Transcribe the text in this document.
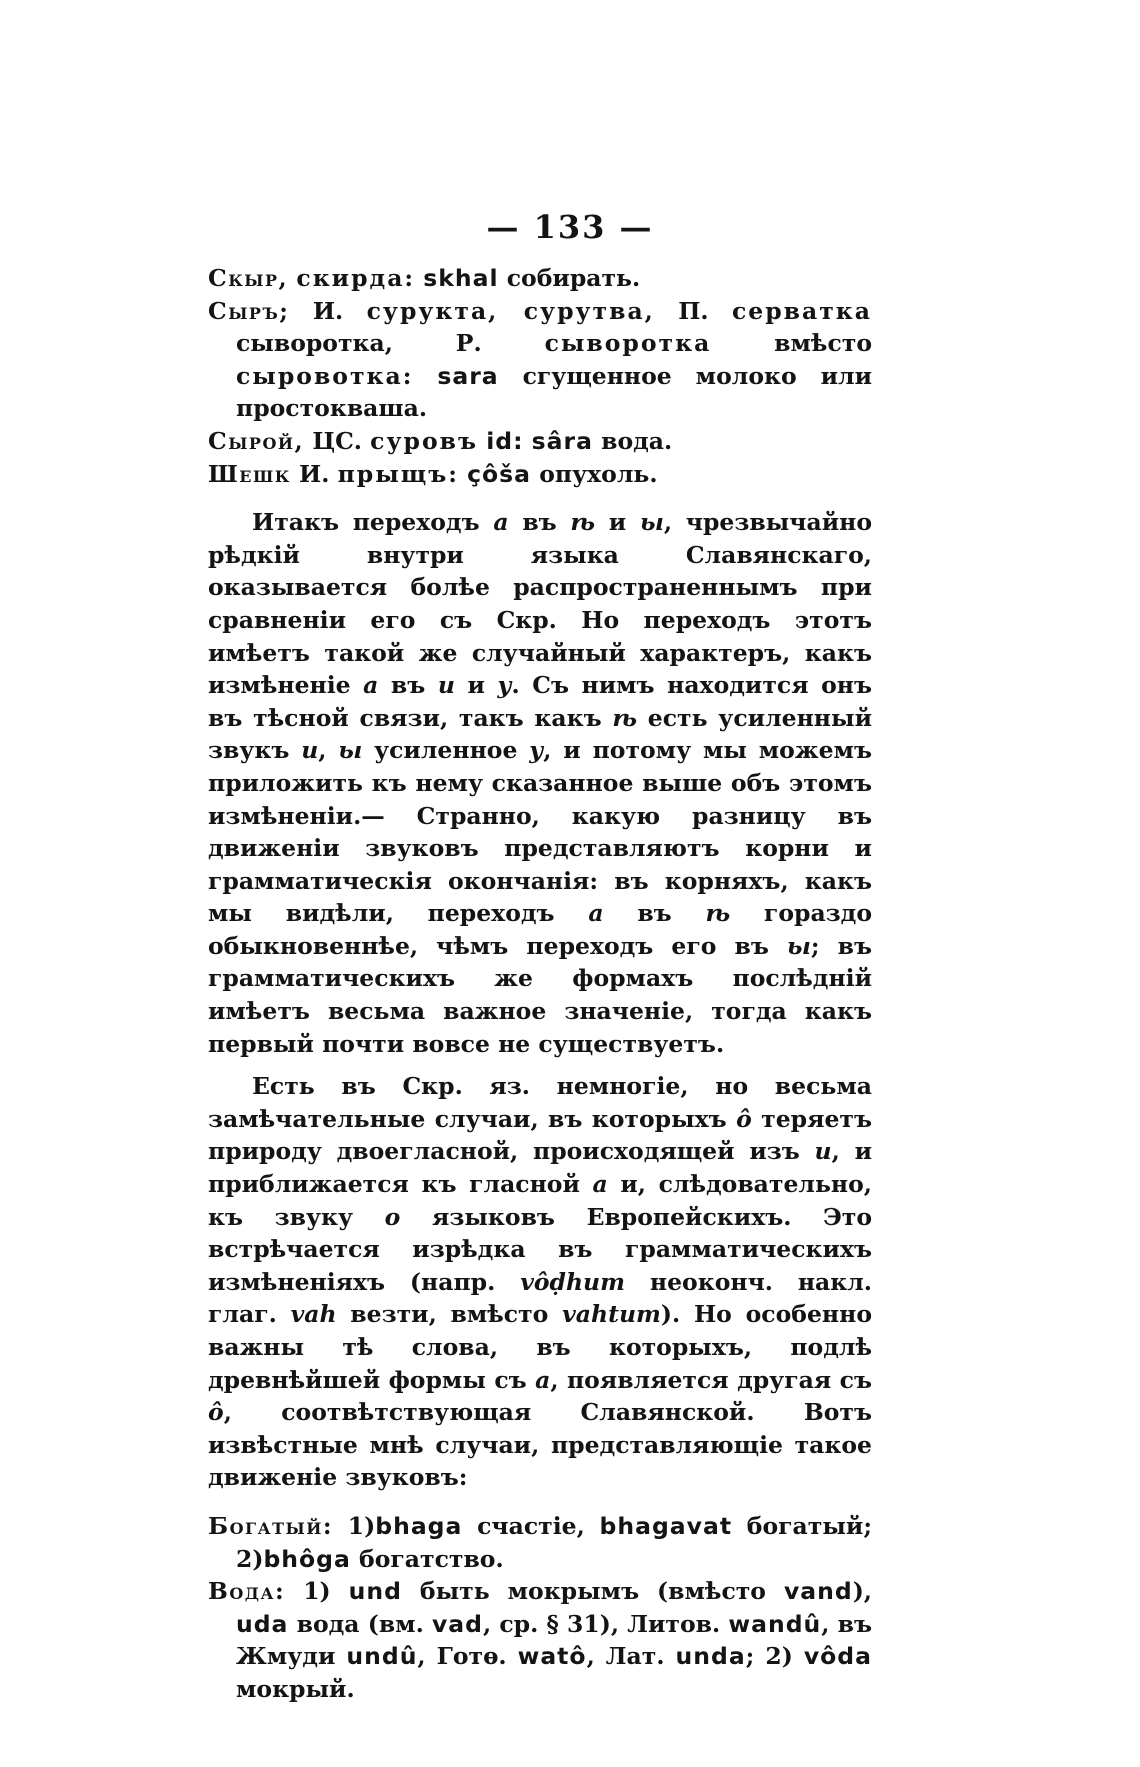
— 133 —
Скыр, скирда: skhal собирать.
Сыръ; И. сурукта, сурутва, П. серватка сыворотка, Р. сыворотка вмѣсто сыровотка: sara сгущенное молоко или простокваша.
Сырой, ЦС. суровъ id: sâra вода.
Шешк И. прыщъ: çôša опухоль.
Итакъ переходъ а въ ѣ и ы, чрезвычайно рѣдкій внутри языка Славянскаго, оказывается болѣе распространеннымъ при сравненіи его съ Скр. Но переходъ этотъ имѣетъ такой же случайный характеръ, какъ измѣненіе а въ и и у. Съ нимъ находится онъ въ тѣсной связи, такъ какъ ѣ есть усиленный звукъ и, ы усиленное у, и потому мы можемъ приложить къ нему сказанное выше объ этомъ измѣненіи.— Странно, какую разницу въ движеніи звуковъ представляютъ корни и грамматическія окончанія: въ корняхъ, какъ мы видѣли, переходъ а въ ѣ гораздо обыкновеннѣе, чѣмъ переходъ его въ ы; въ грамматическихъ же формахъ послѣдній имѣетъ весьма важное значеніе, тогда какъ первый почти вовсе не существуетъ.
Есть въ Скр. яз. немногіе, но весьма замѣчательные случаи, въ которыхъ ô теряетъ природу двоегласной, происходящей изъ и, и приближается къ гласной а и, слѣдовательно, къ звуку о языковъ Европейскихъ. Это встрѣчается изрѣдка въ грамматическихъ измѣненіяхъ (напр. vôḍhum неоконч. накл. глаг. vah везти, вмѣсто vahtum). Но особенно важны тѣ слова, въ которыхъ, подлѣ древнѣйшей формы съ а, появляется другая съ ô, соотвѣтствующая Славянской. Вотъ извѣстные мнѣ случаи, представляющіе такое движеніе звуковъ:
Богатый: 1)bhaga счастіе, bhagavat богатый; 2)bhôga богатство.
Вода: 1) und быть мокрымъ (вмѣсто vand), uda вода (вм. vad, ср. § 31), Литов. wandû, въ Жмуди undû, Готѳ. watô, Лат. unda; 2) vôda мокрый.
